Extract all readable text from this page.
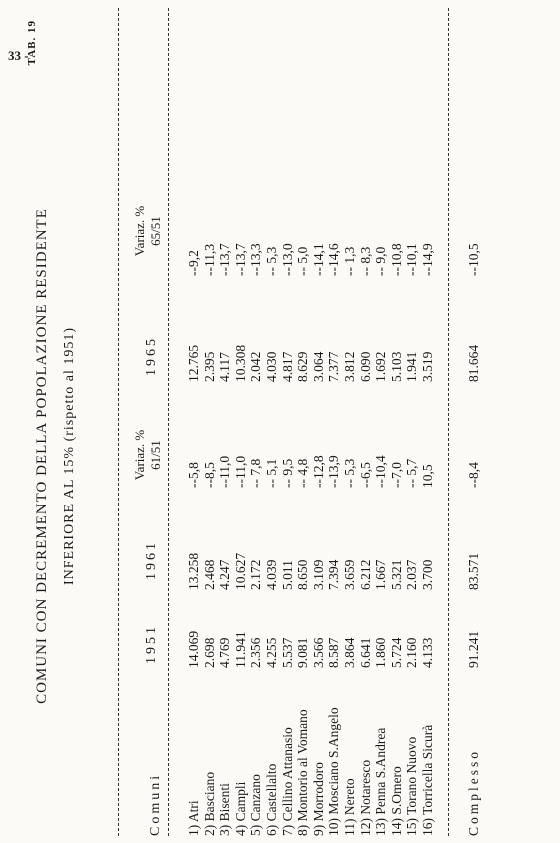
33 -
TAB. 19
COMUNI CON DECREMENTO DELLA POPOLAZIONE RESIDENTE INFERIORE AL 15% (rispetto al 1951)
Comuni
1951
1961
Variaz. % 61/51
1965
Variaz. % 65/51
1) Atri
14.069
13.258
--5,8
12.765
--9,2
2) Basciano
2.698
2.468
--8,5
2.395
--11,3
3) Bisenti
4.769
4.247
--11,0
4.117
--13,7
4) Campli
11.941
10.627
--11,0
10.308
--13,7
5) Canzano
2.356
2.172
-- 7,8
2.042
--13,3
6) Castellalto
4.255
4.039
-- 5,1
4.030
-- 5,3
7) Cellino Attanasio
5.537
5.011
-- 9,5
4.817
--13,0
8) Montorio al Vomano
9.081
8.650
-- 4,8
8.629
-- 5,0
9) Morrodoro
3.566
3.109
--12,8
3.064
--14,1
10) Mosciano S.Angelo
8.587
7.394
--13,9
7.377
--14,6
11) Nereto
3.864
3.659
-- 5,3
3.812
-- 1,3
12) Notaresco
6.641
6.212
--6,5
6.090
-- 8,3
13) Penna S.Andrea
1.860
1.667
--10,4
1.692
-- 9,0
14) S.Omero
5.724
5.321
--7,0
5.103
--10,8
15) Torano Nuovo
2.160
2.037
-- 5,7
1.941
--10,1
16) Torricella Sicurà
4.133
3.700
10,5
3.519
--14,9
Complesso
91.241
83.571
--8,4
81.664
--10,5
